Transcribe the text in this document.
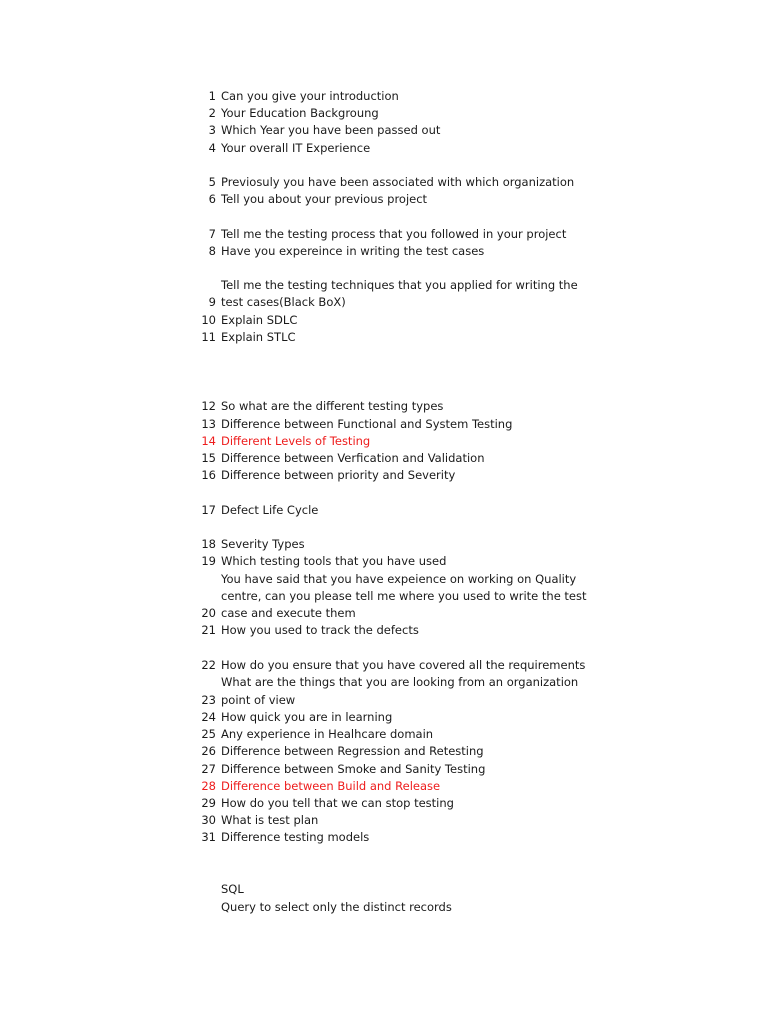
1 Can you give your introduction
2 Your Education Backgroung
3 Which Year you have been passed out
4 Your overall IT Experience
5 Previosuly you have been associated with which organization
6 Tell you about your previous project
7 Tell me the testing process that you followed in your project
8 Have you expereince in writing the test cases
Tell me the testing techniques that you applied for writing the
9 test cases(Black BoX)
10 Explain SDLC
11 Explain STLC
12 So what are the different testing types
13 Difference between Functional and System Testing
14 Different Levels of Testing
15 Difference between Verfication and Validation
16 Difference between priority and Severity
17 Defect Life Cycle
18 Severity Types
19 Which testing tools that you have used
You have said that you have expeience on working on Quality
centre, can you please tell me where you used to write the test
20 case and execute them
21 How you used to track the defects
22 How do you ensure that you have covered all the requirements
What are the things that you are looking from an organization
23 point of view
24 How quick you are in learning
25 Any experience in Healhcare domain
26 Difference between Regression and Retesting
27 Difference between Smoke and Sanity Testing
28 Difference between Build and Release
29 How do you tell that we can stop testing
30 What is test plan
31 Difference testing models
SQL
Query to select only the distinct records
